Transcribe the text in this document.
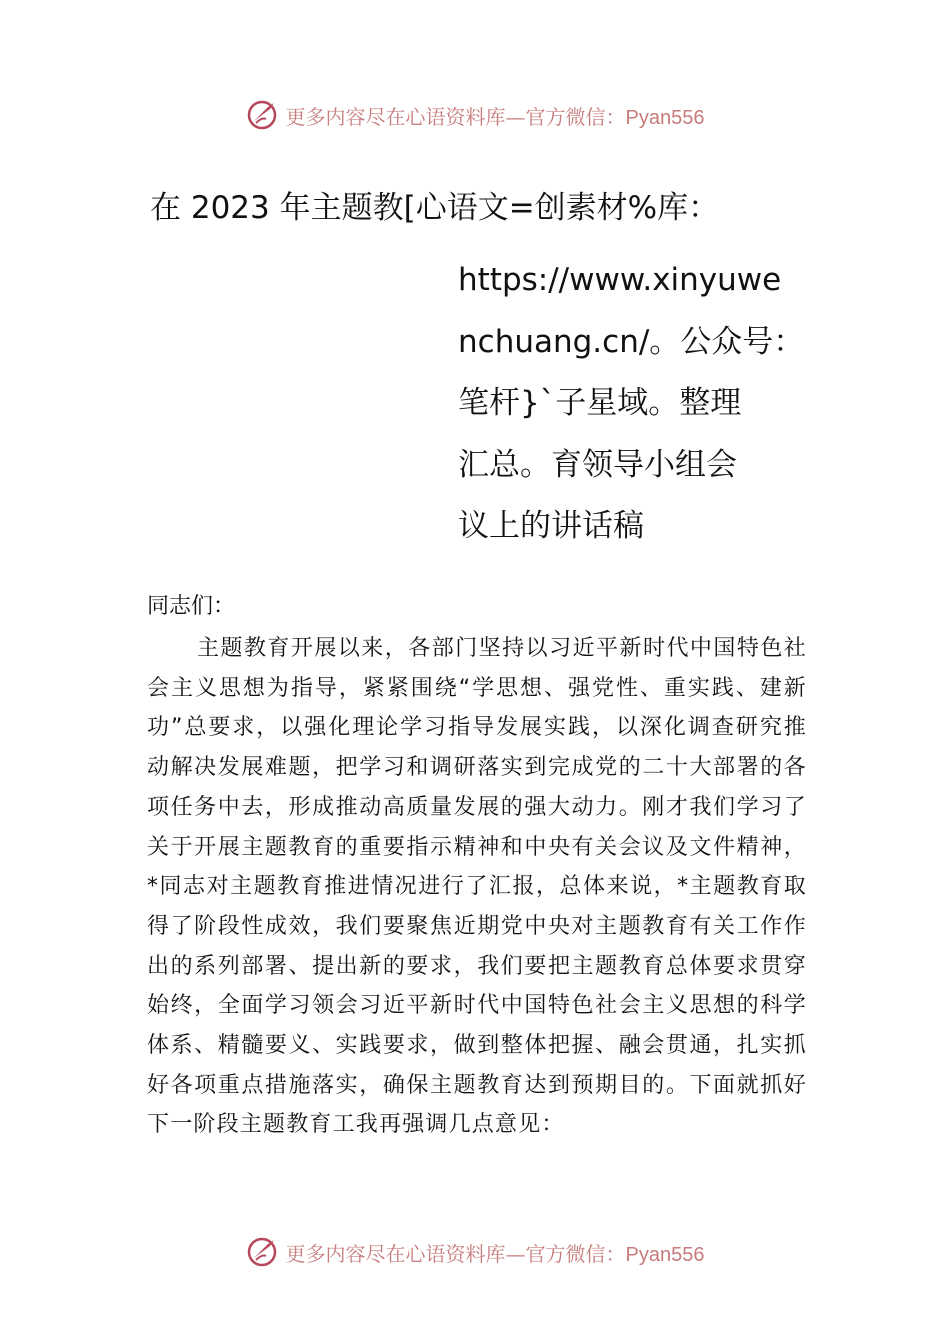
更多内容尽在心语资料库—官方微信：Pyan556
在 2023 年主题教[心语文=创素材%库：
https://www.xinyuwe
nchuang.cn/。公众号：
笔杆}`子星域。整理
汇总。育领导小组会
议上的讲话稿
同志们：

主题教育开展以来，各部门坚持以习近平新时代中国特色社会主义思想为指导，紧紧围绕“学思想、强党性、重实践、建新功”总要求，以强化理论学习指导发展实践，以深化调查研究推动解决发展难题，把学习和调研落实到完成党的二十大部署的各项任务中去，形成推动高质量发展的强大动力。刚才我们学习了关于开展主题教育的重要指示精神和中央有关会议及文件精神，*同志对主题教育推进情况进行了汇报，总体来说，*主题教育取得了阶段性成效，我们要聚焦近期党中央对主题教育有关工作作出的系列部署、提出新的要求，我们要把主题教育总体要求贯穿始终，全面学习领会习近平新时代中国特色社会主义思想的科学体系、精髓要义、实践要求，做到整体把握、融会贯通，扎实抓好各项重点措施落实，确保主题教育达到预期目的。下面就抓好下一阶段主题教育工我再强调几点意见：

更多内容尽在心语资料库—官方微信：Pyan556
